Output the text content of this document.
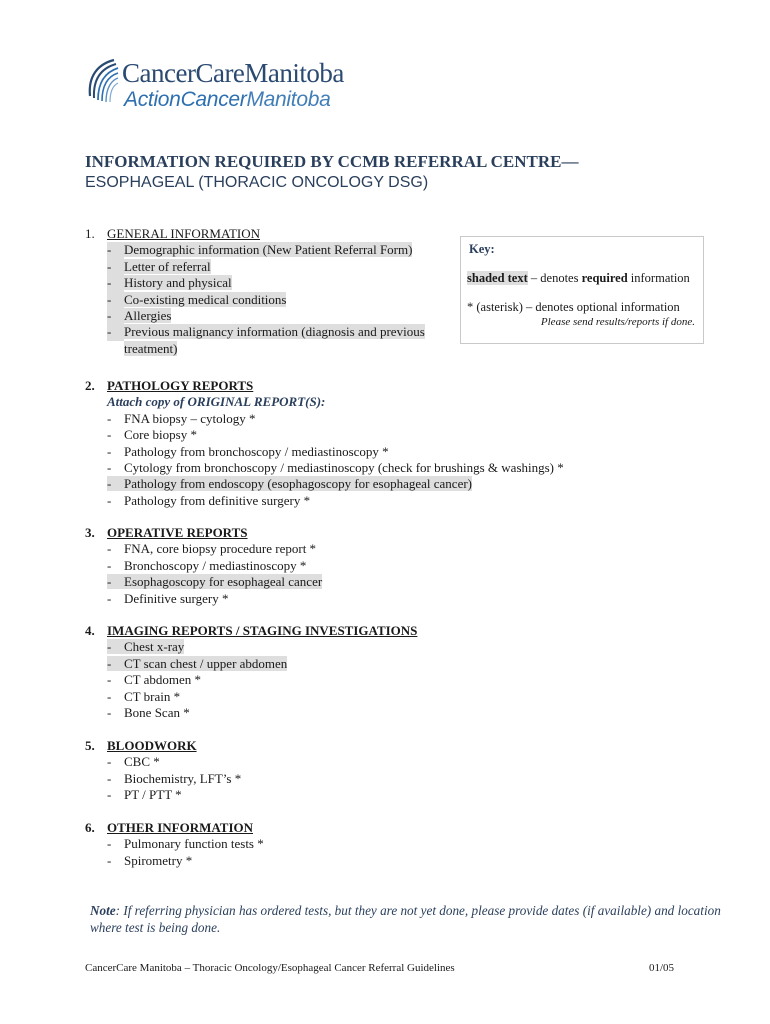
CancerCareManitoba
ActionCancerManitoba
INFORMATION REQUIRED BY CCMB REFERRAL CENTRE—
ESOPHAGEAL (THORACIC ONCOLOGY DSG)
1. GENERAL INFORMATION
- Demographic information (New Patient Referral Form)
- Letter of referral
- History and physical
- Co-existing medical conditions
- Allergies
- Previous malignancy information (diagnosis and previous
treatment)
Key:
shaded text – denotes required information
* (asterisk) – denotes optional information
Please send results/reports if done.
2. PATHOLOGY REPORTS
Attach copy of ORIGINAL REPORT(S):
- FNA biopsy – cytology *
- Core biopsy *
- Pathology from bronchoscopy / mediastinoscopy *
- Cytology from bronchoscopy / mediastinoscopy (check for brushings & washings) *
- Pathology from endoscopy (esophagoscopy for esophageal cancer)
- Pathology from definitive surgery *
3. OPERATIVE REPORTS
- FNA, core biopsy procedure report *
- Bronchoscopy / mediastinoscopy *
- Esophagoscopy for esophageal cancer
- Definitive surgery *
4. IMAGING REPORTS / STAGING INVESTIGATIONS
- Chest x-ray
- CT scan chest / upper abdomen
- CT abdomen *
- CT brain *
- Bone Scan *
5. BLOODWORK
- CBC *
- Biochemistry, LFT’s *
- PT / PTT *
6. OTHER INFORMATION
- Pulmonary function tests *
- Spirometry *
Note: If referring physician has ordered tests, but they are not yet done, please provide dates (if available) and location where test is being done.
CancerCare Manitoba – Thoracic Oncology/Esophageal Cancer Referral Guidelines	01/05
